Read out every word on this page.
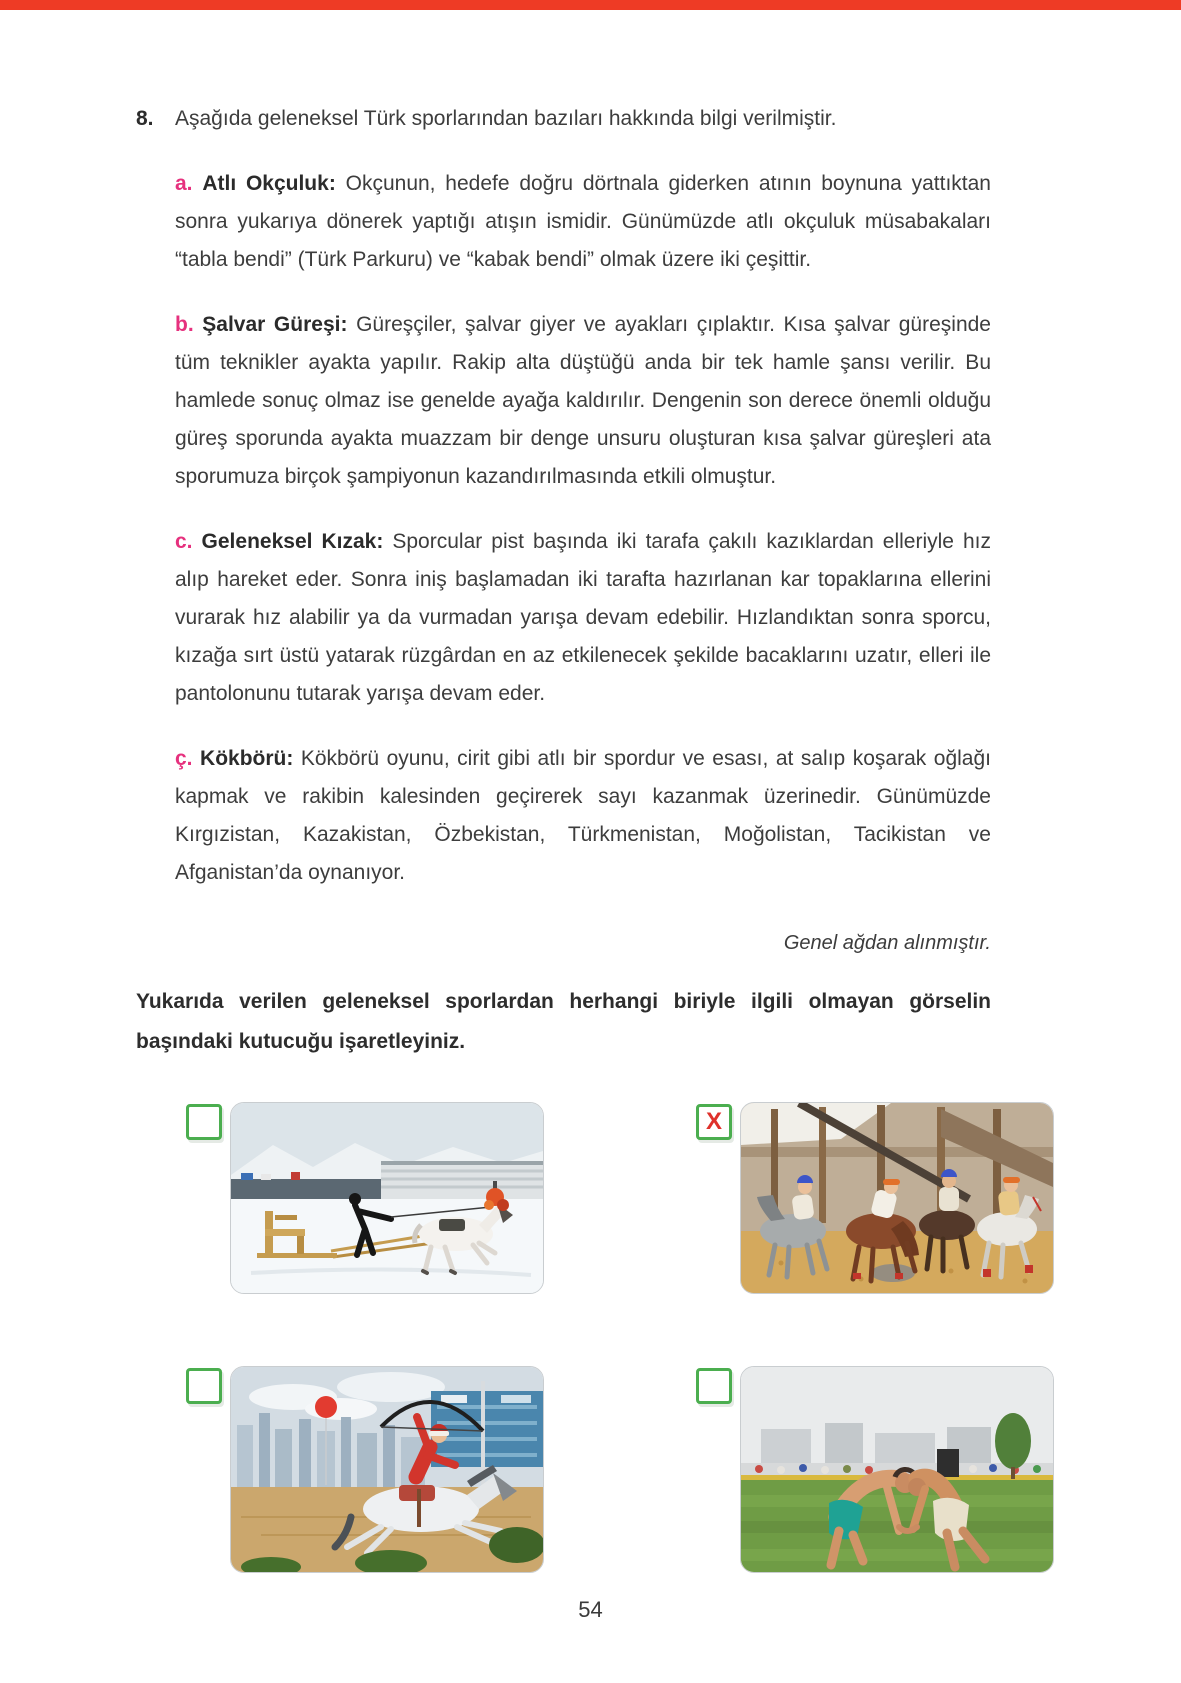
8.	Aşağıda geleneksel Türk sporlarından bazıları hakkında bilgi verilmiştir.

a. Atlı Okçuluk: Okçunun, hedefe doğru dörtnala giderken atının boynuna yattıktan sonra yukarıya dönerek yaptığı atışın ismidir. Günümüzde atlı okçuluk müsabakaları “tabla bendi” (Türk Parkuru) ve “kabak bendi” olmak üzere iki çeşittir.

b. Şalvar Güreşi: Güreşçiler, şalvar giyer ve ayakları çıplaktır. Kısa şalvar güreşinde tüm teknikler ayakta yapılır. Rakip alta düştüğü anda bir tek hamle şansı verilir. Bu hamlede sonuç olmaz ise genelde ayağa kaldırılır. Dengenin son derece önemli olduğu güreş sporunda ayakta muazzam bir denge unsuru oluşturan kısa şalvar güreşleri ata sporumuza birçok şampiyonun kazandırılmasında etkili olmuştur.

c. Geleneksel Kızak: Sporcular pist başında iki tarafa çakılı kazıklardan elleriyle hız alıp hareket eder. Sonra iniş başlamadan iki tarafta hazırlanan kar topaklarına ellerini vurarak hız alabilir ya da vurmadan yarışa devam edebilir. Hızlandıktan sonra sporcu, kızağa sırt üstü yatarak rüzgârdan en az etkilenecek şekilde bacaklarını uzatır, elleri ile pantolonunu tutarak yarışa devam eder.

ç. Kökbörü: Kökbörü oyunu, cirit gibi atlı bir spordur ve esası, at salıp koşarak oğlağı kapmak ve rakibin kalesinden geçirerek sayı kazanmak üzerinedir. Günümüzde Kırgızistan, Kazakistan, Özbekistan, Türkmenistan, Moğolistan, Tacikistan ve Afganistan’da oynanıyor.

Genel ağdan alınmıştır.
Yukarıda verilen geleneksel sporlardan herhangi biriyle ilgili olmayan görselin başındaki kutucuğu işaretleyiniz.
X
54
